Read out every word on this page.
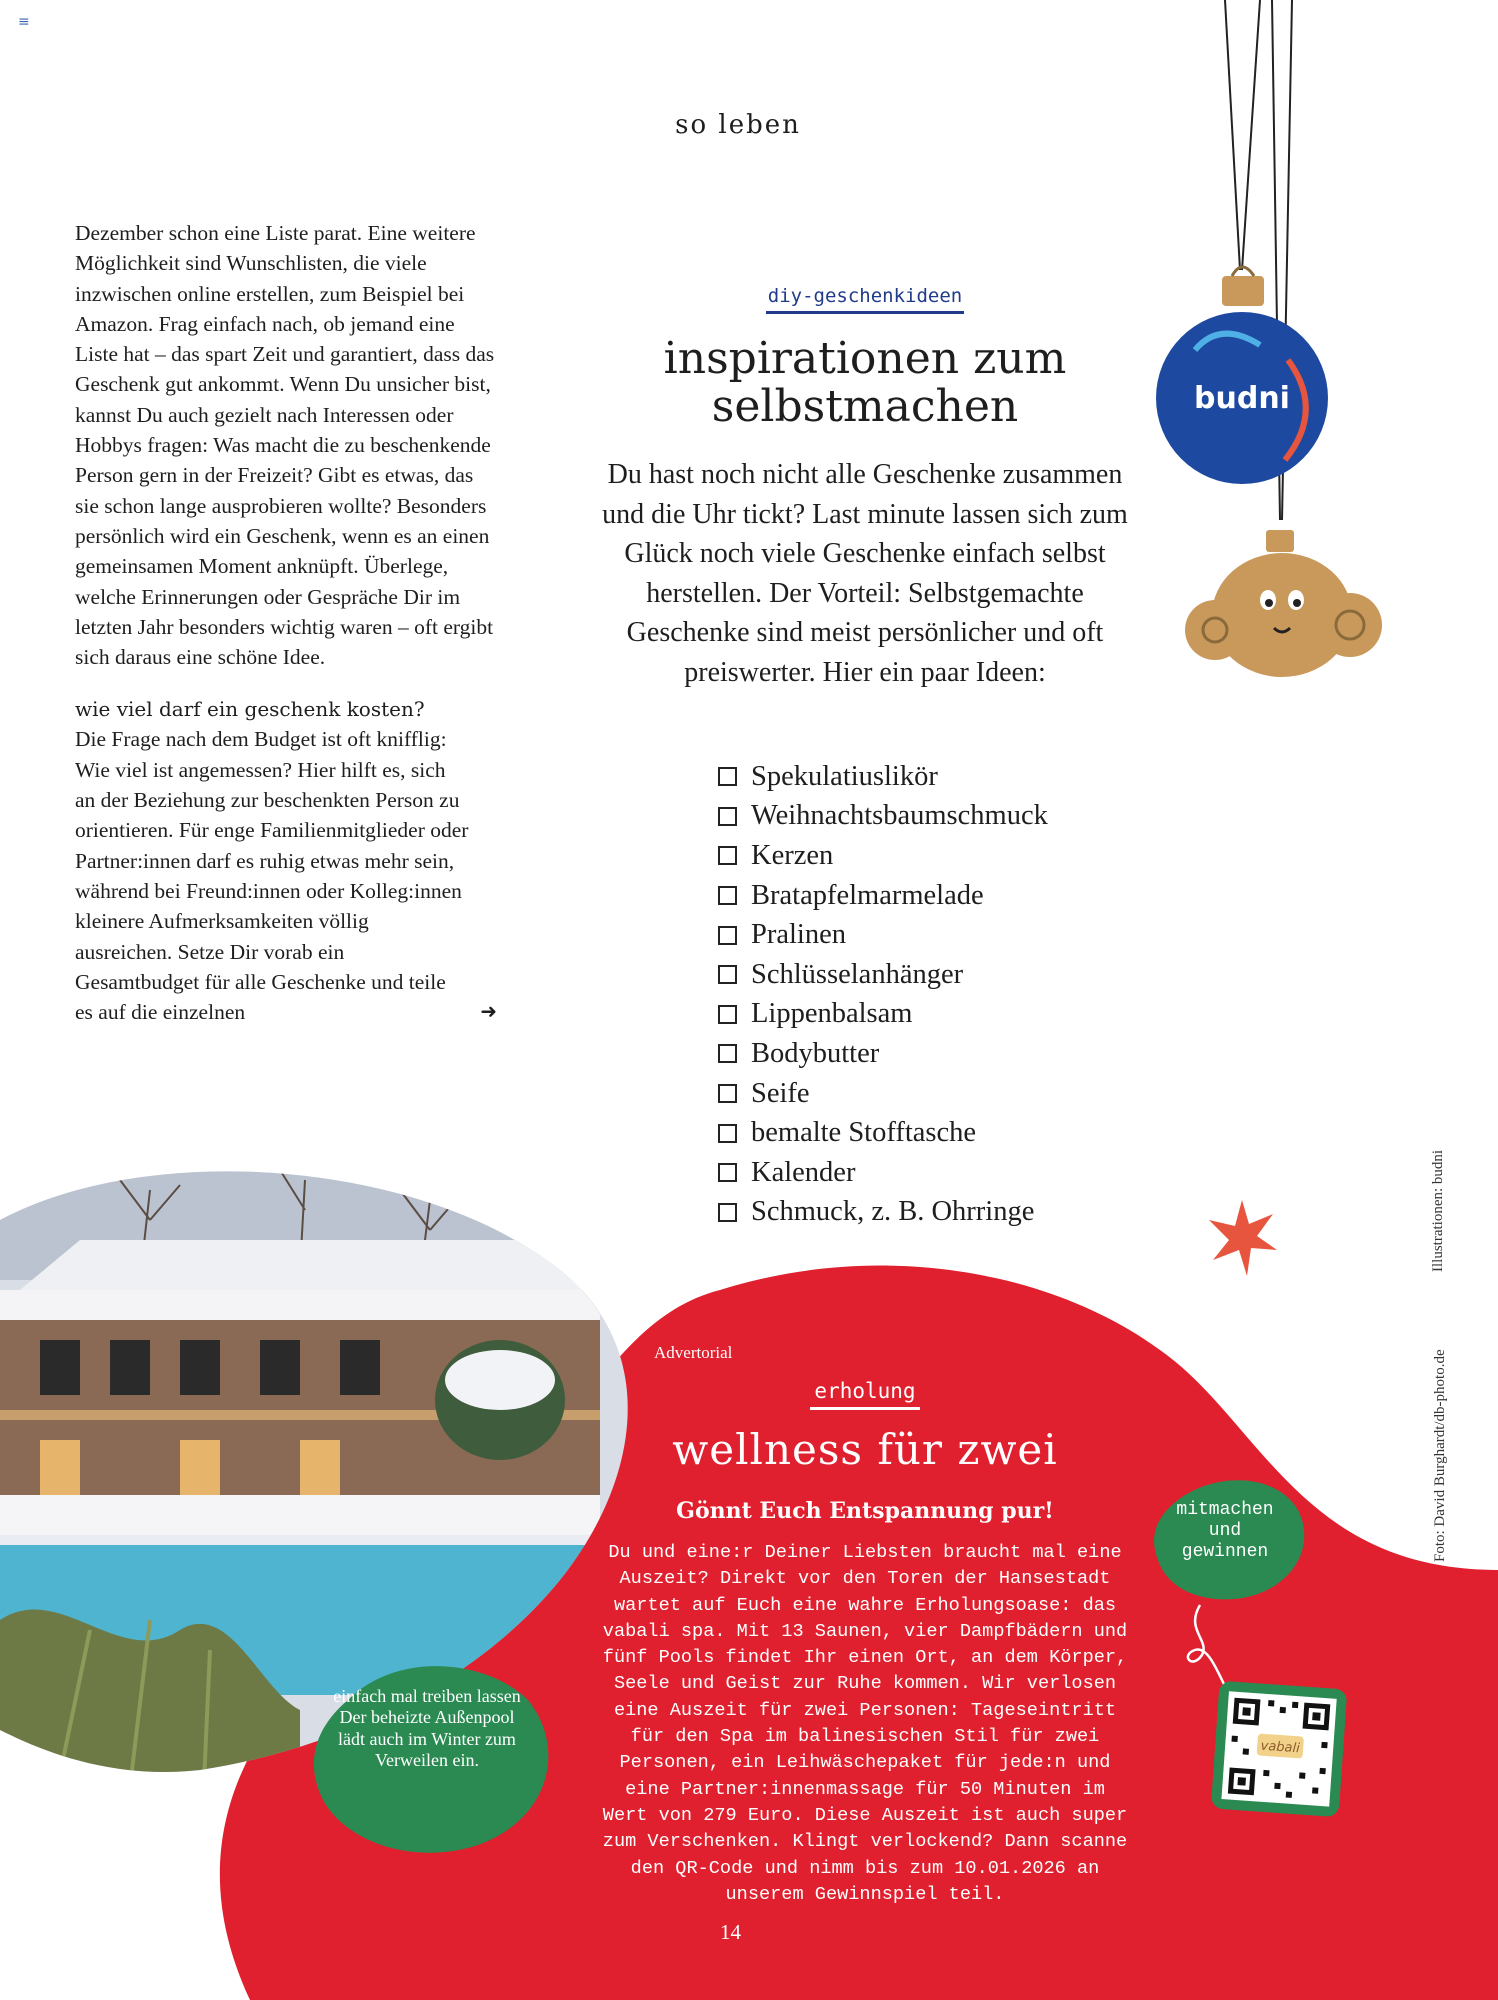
≡
so leben
budni
Illustrationen: budni
Foto: David Burghardt/db-photo.de

Dezember schon eine Liste parat. Eine weitere Möglichkeit sind Wunschlisten, die viele inzwischen online erstellen, zum Beispiel bei Amazon. Frag einfach nach, ob jemand eine Liste hat – das spart Zeit und garantiert, dass das Geschenk gut ankommt. Wenn Du unsicher bist, kannst Du auch gezielt nach Interessen oder Hobbys fragen: Was macht die zu beschenkende Person gern in der Freizeit? Gibt es etwas, das sie schon lange ausprobieren wollte? Besonders persönlich wird ein Geschenk, wenn es an einen gemeinsamen Moment anknüpft. Überlege, welche Erinnerungen oder Gespräche Dir im letzten Jahr besonders wichtig waren – oft ergibt sich daraus eine schöne Idee.

wie viel darf ein geschenk kosten?

Die Frage nach dem Budget ist oft knifflig: Wie viel ist angemessen? Hier hilft es, sich an der Beziehung zur beschenkten Person zu orientieren. Für enge Familienmitglieder oder Partner:innen darf es ruhig etwas mehr sein, während bei Freund:innen oder Kolleg:innen kleinere Aufmerksamkeiten völlig ausreichen. Setze Dir vorab ein Gesamtbudget für alle Geschenke und teile es auf die einzelnen	➜

diy-geschenkideen
inspirationen zum selbstmachen
Du hast noch nicht alle Geschenke zusammen und die Uhr tickt? Last minute lassen sich zum Glück noch viele Geschenke einfach selbst herstellen. Der Vorteil: Selbstgemachte Geschenke sind meist persönlicher und oft preiswerter. Hier ein paar Ideen:
Spekulatiuslikör
Weihnachtsbaumschmuck
Kerzen
Bratapfelmarmelade
Pralinen
Schlüsselanhänger
Lippenbalsam
Bodybutter
Seife
bemalte Stofftasche
Kalender
Schmuck, z. B. Ohrringe
einfach mal treiben lassen Der beheizte Außenpool lädt auch im Winter zum Verweilen ein.
Advertorial
erholung
wellness für zwei
Gönnt Euch Entspannung pur!

Du und eine:r Deiner Liebsten braucht mal eine Auszeit? Direkt vor den Toren der Hansestadt wartet auf Euch eine wahre Erholungsoase: das vabali spa. Mit 13 Saunen, vier Dampfbädern und fünf Pools findet Ihr einen Ort, an dem Körper, Seele und Geist zur Ruhe kommen. Wir verlosen eine Auszeit für zwei Personen: Tageseintritt für den Spa im balinesischen Stil für zwei Personen, ein Leihwäschepaket für jede:n und eine Partner:innenmassage für 50 Minuten im Wert von 279 Euro. Diese Auszeit ist auch super zum Verschenken. Klingt verlockend? Dann scanne den QR-Code und nimm bis zum 10.01.2026 an unserem Gewinnspiel teil.

mitmachen und gewinnen
vabali
14
